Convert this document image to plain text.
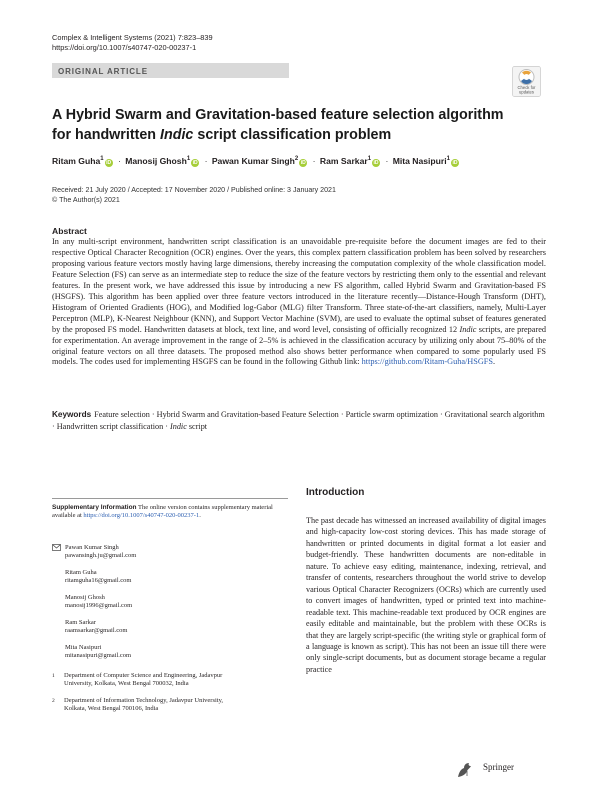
Complex & Intelligent Systems (2021) 7:823–839
https://doi.org/10.1007/s40747-020-00237-1
ORIGINAL ARTICLE
Check for
updates
A Hybrid Swarm and Gravitation-based feature selection algorithm
for handwritten Indic script classification problem
Ritam Guha$^1$iD · Manosij Ghosh$^1$iD · Pawan Kumar Singh$^2$iD · Ram Sarkar$^1$iD · Mita Nasipuri$^1$iD
Received: 21 July 2020 / Accepted: 17 November 2020 / Published online: 3 January 2021
© The Author(s) 2021
Abstract
In any multi-script environment, handwritten script classification is an unavoidable pre-requisite before the document images are fed to their respective Optical Character Recognition (OCR) engines. Over the years, this complex pattern classification problem has been solved by researchers proposing various feature vectors mostly having large dimensions, thereby increasing the computation complexity of the whole classification model. Feature Selection (FS) can serve as an intermediate step to reduce the size of the feature vectors by restricting them only to the essential and relevant features. In the present work, we have addressed this issue by introducing a new FS algorithm, called Hybrid Swarm and Gravitation-based FS (HSGFS). This algorithm has been applied over three feature vectors introduced in the literature recently—Distance-Hough Transform (DHT), Histogram of Oriented Gradients (HOG), and Modified log-Gabor (MLG) filter Transform. Three state-of-the-art classifiers, namely, Multi-Layer Perceptron (MLP), K-Nearest Neighbour (KNN), and Support Vector Machine (SVM), are used to evaluate the optimal subset of features generated by the proposed FS model. Handwritten datasets at block, text line, and word level, consisting of officially recognized 12 Indic scripts, are prepared for experimentation. An average improvement in the range of 2–5% is achieved in the classification accuracy by utilizing only about 75–80% of the original feature vectors on all three datasets. The proposed method also shows better performance when compared to some popularly used FS models. The codes used for implementing HSGFS can be found in the following Github link: https://github.com/Ritam-Guha/HSGFS.
Keywords Feature selection · Hybrid Swarm and Gravitation-based Feature Selection · Particle swarm optimization · Gravitational search algorithm · Handwritten script classification · Indic script
Supplementary Information The online version contains supplementary material available at https://doi.org/10.1007/s40747-020-00237-1.
Pawan Kumar Singh
pawansingh.ju@gmail.com
Ritam Guha
ritamguha16@gmail.com
Manosij Ghosh
manosij1996@gmail.com
Ram Sarkar
raamsarkar@gmail.com
Mita Nasipuri
mitanasipuri@gmail.com
1 Department of Computer Science and Engineering, Jadavpur
University, Kolkata, West Bengal 700032, India
2 Department of Information Technology, Jadavpur University,
Kolkata, West Bengal 700106, India
Introduction
The past decade has witnessed an increased availability of digital images and high-capacity low-cost storing devices. This has made storage of handwritten or printed documents in digital format a lot easier and budget-friendly. These handwritten documents are non-editable in nature. To achieve easy editing, maintenance, indexing, retrieval, and transfer of contents, researchers throughout the world strive to develop various Optical Character Recognizers (OCRs) which are currently used to convert images of handwritten, typed or printed text into machine-readable text. This machine-readable text produced by OCR engines are easily editable and maintainable, but the problem with these OCRs is that they are largely script-specific (the writing style or graphical form of a language is known as script). This has not been an issue till there were only single-script documents, but as document storage became a regular practice
Springer
